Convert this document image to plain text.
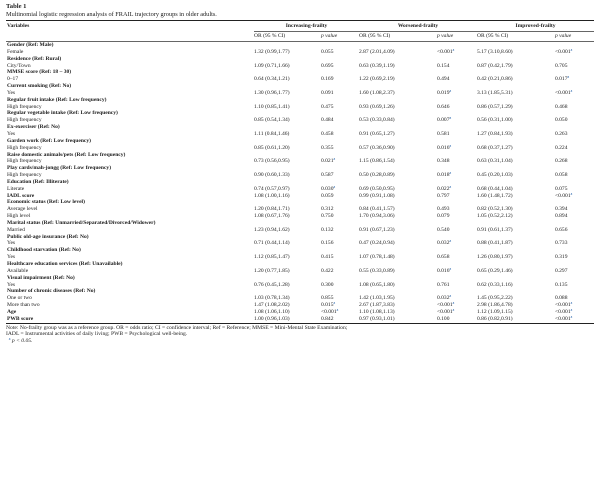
Table 1
Multinomial logistic regression analysis of FRAIL trajectory groups in older adults.
Variables	Increasing-frailty		Worsened-frailty		Improved-frailty	
	OR (95 % CI)	p value	OR (95 % CI)	p value	OR (95 % CI)	p value
Gender (Ref: Male)						
Female	1.32 (0.99,1.77)	0.055	2.87 (2.01,4.09)	<0.001$^a$	5.17 (3.10,8.60)	<0.001$^a$
Residence (Ref: Rural)						
City/Town	1.09 (0.71,1.66)	0.695	0.63 (0.39,1.19)	0.154	0.87 (0.42,1.79)	0.705
MMSE score (Ref: 18 – 30)						
0–17	0.64 (0.34,1.21)	0.169	1.22 (0.69,2.19)	0.494	0.42 (0.21,0.86)	0.017$^a$
Current smoking (Ref: No)						
Yes	1.30 (0.96,1.77)	0.091	1.60 (1.08,2.37)	0.019$^a$	3.13 (1.85,5.31)	<0.001$^a$
Regular fruit intake (Ref: Low frequency)						
High frequency	1.10 (0.85,1.41)	0.475	0.93 (0.69,1.26)	0.646	0.86 (0.57,1.29)	0.468
Regular vegetable intake (Ref: Low frequency)						
High frequency	0.85 (0.54,1.34)	0.484	0.53 (0.33,0.84)	0.007$^a$	0.56 (0.31,1.00)	0.050
Ex-exerciser (Ref: No)						
Yes	1.11 (0.84,1.46)	0.458	0.91 (0.65,1.27)	0.581	1.27 (0.84,1.93)	0.263
Garden work (Ref: Low frequency)						
High frequency	0.85 (0.61,1.20)	0.355	0.57 (0.36,0.90)	0.016$^a$	0.68 (0.37,1.27)	0.224
Raise domestic animals/pets (Ref: Low frequency)						
High frequency	0.73 (0.56,0.95)	0.021$^a$	1.15 (0.86,1.54)	0.348	0.63 (0.31,1.04)	0.268
Play cards/mah-jongg (Ref: Low frequency)						
High frequency	0.90 (0.60,1.33)	0.587	0.50 (0.28,0.89)	0.018$^a$	0.45 (0.20,1.03)	0.058
Education (Ref: Illiterate)						
Literate	0.74 (0.57,0.97)	0.030$^a$	0.69 (0.50,0.95)	0.022$^a$	0.68 (0.44,1.04)	0.075
IADL score	1.08 (1.00,1.16)	0.059	0.99 (0.91,1.08)	0.797	1.60 (1.48,1.72)	<0.001$^a$
Economic status (Ref: Low level)						
Average level	1.20 (0.84,1.71)	0.312	0.84 (0.41,1.57)	0.493	0.82 (0.52,1.30)	0.394
High level	1.08 (0.67,1.76)	0.750	1.70 (0.94,3.06)	0.079	1.05 (0.52,2.12)	0.894
Marital status (Ref: Unmarried/Separated/Divorced/Widower)						
Married	1.23 (0.94,1.62)	0.132	0.91 (0.67,1.23)	0.540	0.91 (0.61,1.37)	0.656
Public old-age insurance (Ref: No)						
Yes	0.71 (0.44,1.14)	0.156	0.47 (0.24,0.94)	0.032$^a$	0.88 (0.41,1.87)	0.733
Childhood starvation (Ref: No)						
Yes	1.12 (0.85,1.47)	0.415	1.07 (0.78,1.48)	0.658	1.26 (0.80,1.97)	0.319
Healthcare education services (Ref: Unavailable)						
Available	1.20 (0.77,1.85)	0.422	0.55 (0.33,0.89)	0.016$^a$	0.65 (0.29,1.46)	0.297
Visual impairment (Ref: No)						
Yes	0.76 (0.45,1.28)	0.300	1.08 (0.65,1.80)	0.761	0.62 (0.33,1.16)	0.135
Number of chronic diseases (Ref: No)						
One or two	1.03 (0.78,1.34)	0.855	1.42 (1.03,1.95)	0.032$^a$	1.45 (0.95,2.22)	0.088
More than two	1.47 (1.08,2.02)	0.015$^a$	2.67 (1.87,3.83)	<0.001$^a$	2.98 (1.86,4.78)	<0.001$^a$
Age	1.08 (1.06,1.10)	<0.001$^a$	1.10 (1.08,1.13)	<0.001$^a$	1.12 (1.09,1.15)	<0.001$^a$
PWB score	1.00 (0.96,1.03)	0.842	0.97 (0.93,1.01)	0.100	0.86 (0.82,0.91)	<0.001$^a$
Note: No-frailty group was as a reference group. OR = odds ratio; CI = confidence interval; Ref = Reference; MMSE = Mini-Mental State Examination;
IADL = Instrumental activities of daily living; PWB = Psychological well-being.
$^a$ p < 0.05.
